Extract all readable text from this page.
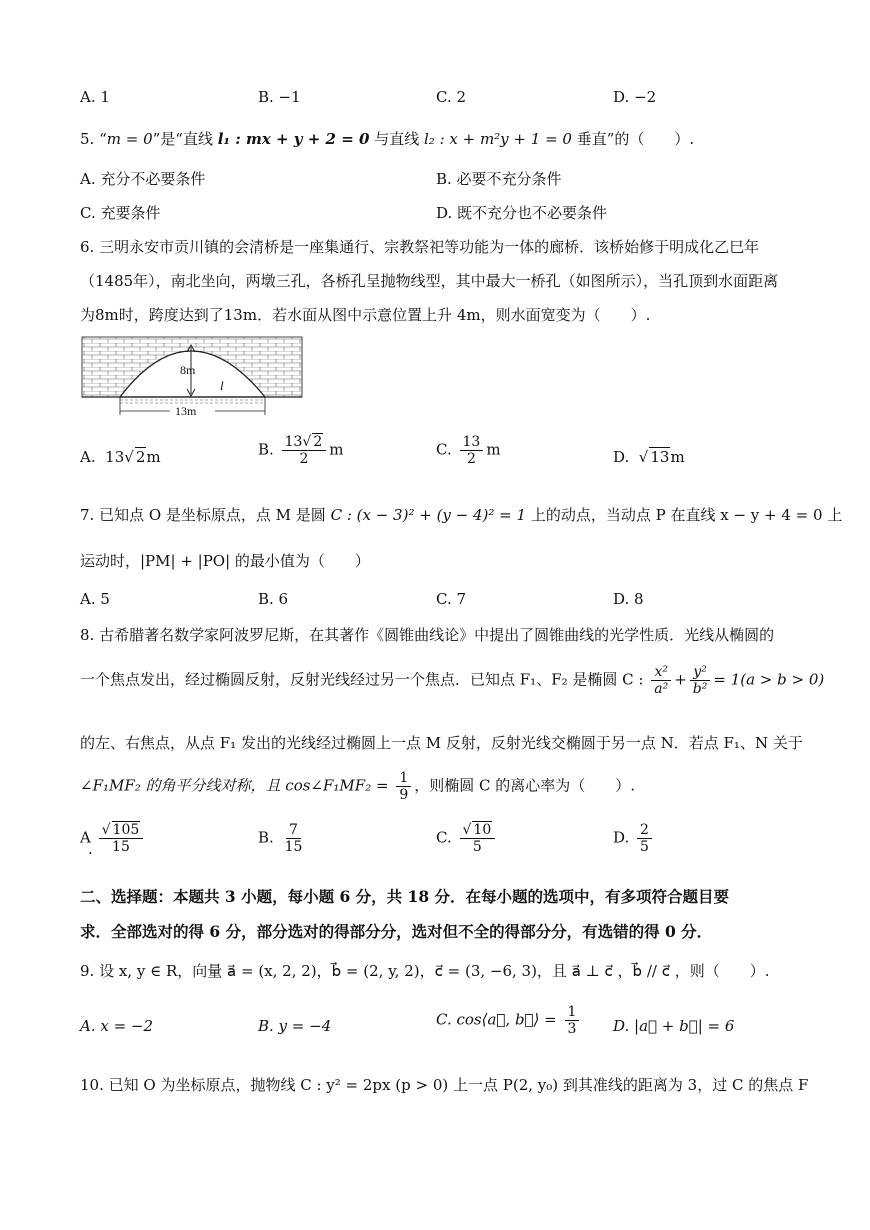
A. 1	B. −1	C. 2	D. −2
5. “m = 0”是“直线 l₁ : mx + y + 2 = 0 与直线 l₂ : x + m²y + 1 = 0 垂直”的（　　）.
A. 充分不必要条件	B. 必要不充分条件
C. 充要条件	D. 既不充分也不必要条件
6. 三明永安市贡川镇的会清桥是一座集通行、宗教祭祀等功能为一体的廊桥．该桥始修于明成化乙巳年
（1485年），南北坐向，两墩三孔，各桥孔呈抛物线型，其中最大一桥孔（如图所示），当孔顶到水面距离
为8m时，跨度达到了13m．若水面从图中示意位置上升 4m，则水面宽变为（　　）.
8m
l
13m
A. 13√ 2m	B. $\frac{13√ 2}{2}$ m	C. $\frac{13}{2}$ m	D.  √ 13m
7. 已知点 O 是坐标原点，点 M 是圆 C : (x − 3)² + (y − 4)² = 1 上的动点，当动点 P 在直线 x − y + 4 = 0 上
运动时，|PM| + |PO| 的最小值为（　　）
A. 5	B. 6	C. 7	D. 8
8. 古希腊著名数学家阿波罗尼斯，在其著作《圆锥曲线论》中提出了圆锥曲线的光学性质．光线从椭圆的
一个焦点发出，经过椭圆反射，反射光线经过另一个焦点．已知点 F₁、F₂ 是椭圆 C : $\frac{\text{x²}}{\text{a²}} + \frac{\text{y²}}{\text{b²}} = 1(a > b > 0)$
的左、右焦点，从点 F₁ 发出的光线经过椭圆上一点 M 反射，反射光线交椭圆于另一点 N．若点 F₁、N 关于
∠F₁MF₂ 的角平分线对称，且 cos∠F₁MF₂ = $\frac{1}{9}$ ，则椭圆 C 的离心率为（　　）.
A $\frac{√ 105}{15}$
.
B. $\frac{7}{15}$	C. $\frac{√ 10}{5}$	D. $\frac{2}{5}$
二、选择题：本题共 3 小题，每小题 6 分，共 18 分．在每小题的选项中，有多项符合题目要
求．全部选对的得 6 分，部分选对的得部分分，选对但不全的得部分分，有选错的得 0 分．
9. 设 x, y ∈ R，向量 a⃗ = (x, 2, 2)，b⃗ = (2, y, 2)，c⃗ = (3, −6, 3)，且 a⃗ ⊥ c⃗ ，b⃗ // c⃗ ，则（　　）.
A. x = −2	B. y = −4	C. cos⟨a⃗, b⃗⟩ = $\frac{1}{3} D$. |a⃗ + b⃗| = 6
10. 已知 O 为坐标原点，抛物线 C : y² = 2px (p > 0) 上一点 P(2, y₀) 到其准线的距离为 3，过 C 的焦点 F
